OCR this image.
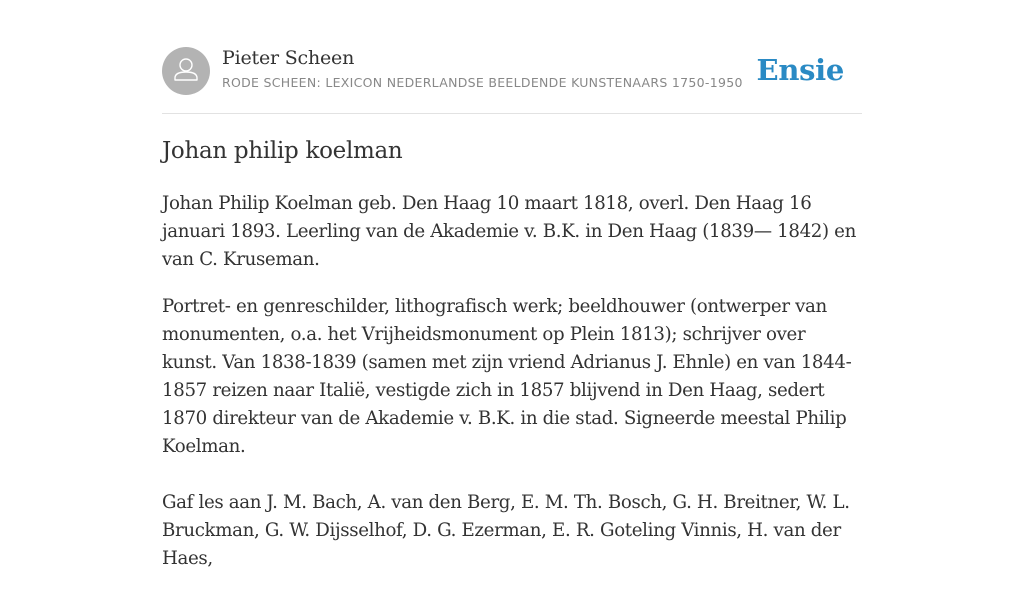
Pieter Scheen
RODE SCHEEN: LEXICON NEDERLANDSE BEELDENDE KUNSTENAARS 1750-1950 Ensie
Johan philip koelman

Johan Philip Koelman geb. Den Haag 10 maart 1818, overl. Den Haag 16 januari 1893. Leerling van de Akademie v. B.K. in Den Haag (1839— 1842) en van C. Kruseman.

Portret- en genreschilder, lithografisch werk; beeldhouwer (ontwerper van monumenten, o.a. het Vrijheidsmonument op Plein 1813); schrijver over kunst. Van 1838-1839 (samen met zijn vriend Adrianus J. Ehnle) en van 1844-1857 reizen naar Italië, vestigde zich in 1857 blijvend in Den Haag, sedert 1870 direkteur van de Akademie v. B.K. in die stad. Signeerde meestal Philip Koelman.

Gaf les aan J. M. Bach, A. van den Berg, E. M. Th. Bosch, G. H. Breitner, W. L. Bruckman, G. W. Dijsselhof, D. G. Ezerman, E. R. Goteling Vinnis, H. van der Haes,
